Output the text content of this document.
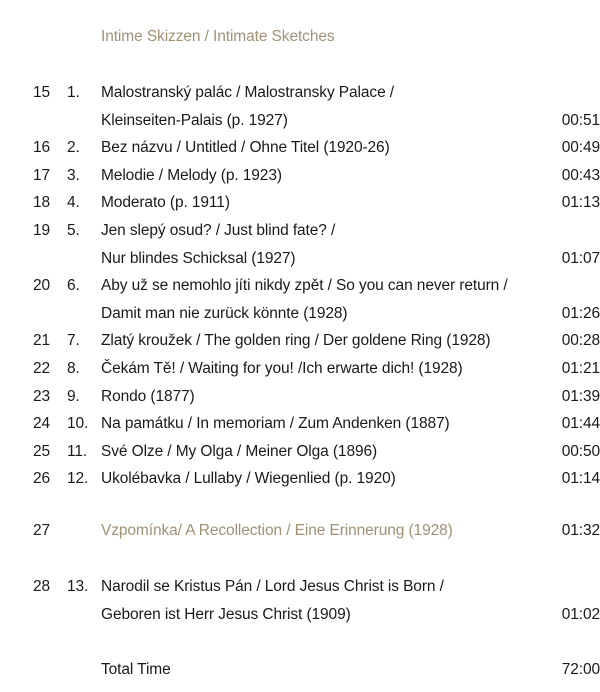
Intime Skizzen / Intimate Sketches
15 1. Malostranský palác / Malostransky Palace /
Kleinseiten-Palais (p. 1927)	00:51
16 2. Bez názvu / Untitled / Ohne Titel (1920-26)	00:49
17 3. Melodie / Melody (p. 1923)	00:43
18 4. Moderato (p. 1911)	01:13
19 5. Jen slepý osud? / Just blind fate? /
Nur blindes Schicksal (1927)	01:07
20 6. Aby už se nemohlo jíti nikdy zpět / So you can never return /
Damit man nie zurück könnte (1928)	01:26
21 7. Zlatý kroužek / The golden ring / Der goldene Ring (1928)	00:28
22 8. Čekám Tě! / Waiting for you! /Ich erwarte dich! (1928)	01:21
23 9. Rondo (1877)	01:39
24 10. Na památku / In memoriam / Zum Andenken (1887)	01:44
25 11. Své Olze / My Olga / Meiner Olga (1896)	00:50
26 12. Ukolébavka / Lullaby / Wiegenlied (p. 1920)	01:14
27	Vzpomínka/ A Recollection / Eine Erinnerung (1928)	01:32
28 13. Narodil se Kristus Pán / Lord Jesus Christ is Born /
Geboren ist Herr Jesus Christ (1909)	01:02
Total Time	72:00
